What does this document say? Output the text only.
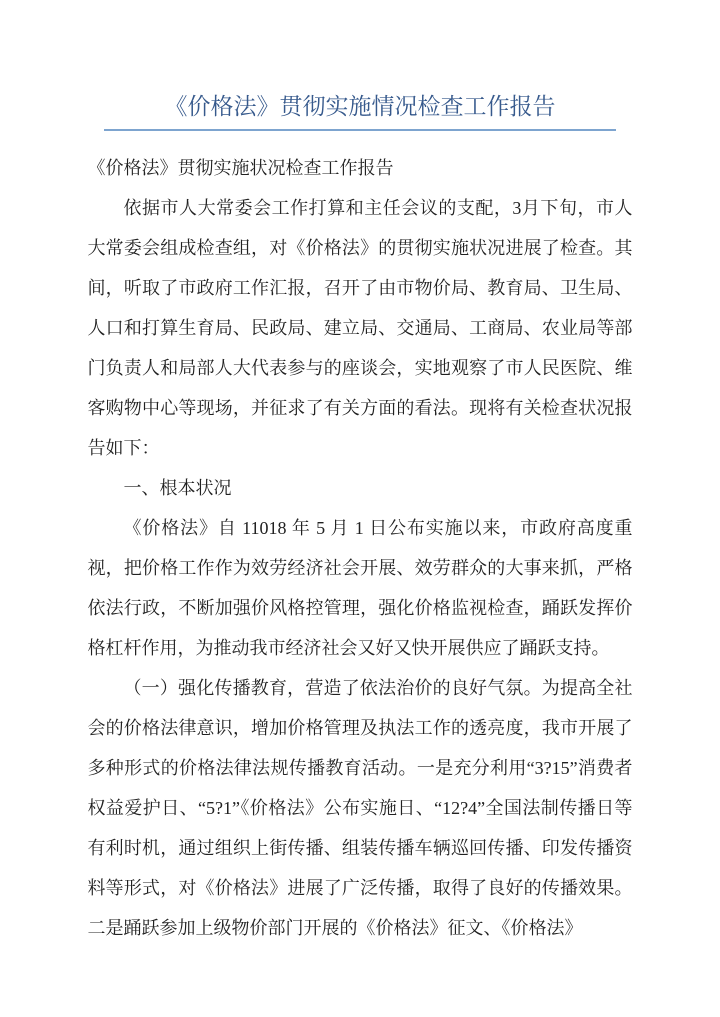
《价格法》贯彻实施情况检查工作报告

《价格法》贯彻实施状况检查工作报告

依据市人大常委会工作打算和主任会议的支配，3月下旬，市人大常委会组成检查组，对《价格法》的贯彻实施状况进展了检查。其间，听取了市政府工作汇报，召开了由市物价局、教育局、卫生局、人口和打算生育局、民政局、建立局、交通局、工商局、农业局等部门负责人和局部人大代表参与的座谈会，实地观察了市人民医院、维客购物中心等现场，并征求了有关方面的看法。现将有关检查状况报告如下：

一、根本状况

《价格法》自 11018 年 5 月 1 日公布实施以来，市政府高度重视，把价格工作作为效劳经济社会开展、效劳群众的大事来抓，严格依法行政，不断加强价风格控管理，强化价格监视检查，踊跃发挥价格杠杆作用，为推动我市经济社会又好又快开展供应了踊跃支持。

（一）强化传播教育，营造了依法治价的良好气氛。为提高全社会的价格法律意识，增加价格管理及执法工作的透亮度，我市开展了多种形式的价格法律法规传播教育活动。一是充分利用“3?15”消费者权益爱护日、“5?1”《价格法》公布实施日、“12?4”全国法制传播日等有利时机，通过组织上街传播、组装传播车辆巡回传播、印发传播资料等形式，对《价格法》进展了广泛传播，取得了良好的传播效果。二是踊跃参加上级物价部门开展的《价格法》征文、《价格法》
